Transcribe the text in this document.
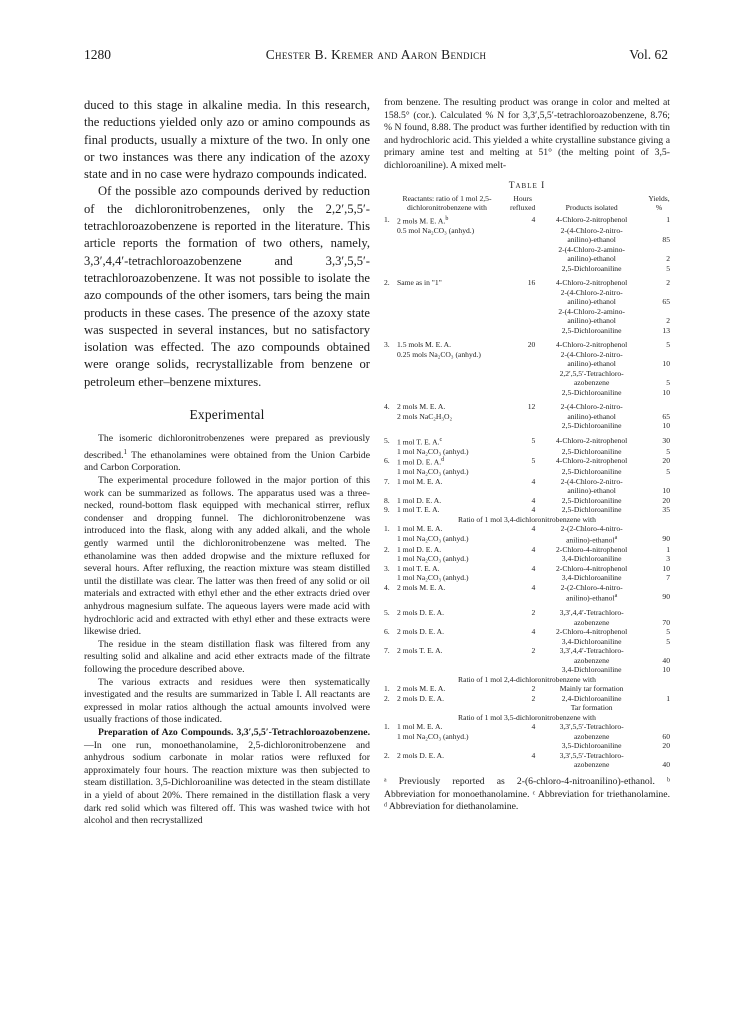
1280	Chester B. Kremer and Aaron Bendich	Vol. 62

duced to this stage in alkaline media. In this research, the reductions yielded only azo or amino compounds as final products, usually a mixture of the two. In only one or two instances was there any indication of the azoxy state and in no case were hydrazo compounds indicated.

Of the possible azo compounds derived by reduction of the dichloronitrobenzenes, only the 2,2′,5,5′-tetrachloroazobenzene is reported in the literature. This article reports the formation of two others, namely, 3,3′,4,4′-tetrachloroazobenzene and 3,3′,5,5′-tetrachloroazobenzene. It was not possible to isolate the azo compounds of the other isomers, tars being the main products in these cases. The presence of the azoxy state was suspected in several instances, but no satisfactory isolation was effected. The azo compounds obtained were orange solids, recrystallizable from benzene or petroleum ether–benzene mixtures.

Experimental

The isomeric dichloronitrobenzenes were prepared as previously described.$^1$ The ethanolamines were obtained from the Union Carbide and Carbon Corporation.

The experimental procedure followed in the major portion of this work can be summarized as follows. The apparatus used was a three-necked, round-bottom flask equipped with mechanical stirrer, reflux condenser and dropping funnel. The dichloronitrobenzene was introduced into the flask, along with any added alkali, and the whole gently warmed until the dichloronitrobenzene was melted. The ethanolamine was then added dropwise and the mixture refluxed for several hours. After refluxing, the reaction mixture was steam distilled until the distillate was clear. The latter was then freed of any solid or oil materials and extracted with ethyl ether and the ether extracts dried over anhydrous magnesium sulfate. The aqueous layers were made acid with hydrochloric acid and extracted with ethyl ether and these extracts were likewise dried.

The residue in the steam distillation flask was filtered from any resulting solid and alkaline and acid ether extracts made of the filtrate following the procedure described above.

The various extracts and residues were then systematically investigated and the results are summarized in Table I. All reactants are expressed in molar ratios although the actual amounts involved were usually fractions of those indicated.

Preparation of Azo Compounds. 3,3′,5,5′-Tetrachloroazobenzene.—In one run, monoethanolamine, 2,5-dichloronitrobenzene and anhydrous sodium carbonate in molar ratios were refluxed for approximately four hours. The reaction mixture was then subjected to steam distillation. 3,5-Dichloroaniline was detected in the steam distillate in a yield of about 20%. There remained in the distillation flask a very dark red solid which was filtered off. This was washed twice with hot alcohol and then recrystallized

from benzene. The resulting product was orange in color and melted at 158.5° (cor.). Calculated % N for 3,3′,5,5′-tetrachloroazobenzene, 8.76; % N found, 8.88. The product was further identified by reduction with tin and hydrochloric acid. This yielded a white crystalline substance giving a primary amine test and melting at 51° (the melting point of 3,5-dichloroaniline). A mixed melt-

Table I
Reactants: ratio of 1 mol 2,5-dichloronitrobenzene with		Hours refluxed	Products isolated	Yields, %
1.	2 mols M. E. A.$^b$	4	4-Chloro-2-nitrophenol	1
	0.5 mol Na₂CO₃ (anhyd.)		2-(4-Chloro-2-nitro-	
			anilino)-ethanol	85
			2-(4-Chloro-2-amino-	
			anilino)-ethanol	2
			2,5-Dichloroaniline	5
2.	Same as in "1"	16	4-Chloro-2-nitrophenol	2
			2-(4-Chloro-2-nitro-	
			anilino)-ethanol	65
			2-(4-Chloro-2-amino-	
			anilino)-ethanol	2
			2,5-Dichloroaniline	13
3.	1.5 mols M. E. A.	20	4-Chloro-2-nitrophenol	5
	0.25 mols Na₂CO₃ (anhyd.)		2-(4-Chloro-2-nitro-	
			anilino)-ethanol	10
			2,2′,5,5′-Tetrachloro-	
			azobenzene	5
			2,5-Dichloroaniline	10
4.	2 mols M. E. A.	12	2-(4-Chloro-2-nitro-	
	2 mols NaC₂H₃O₂		anilino)-ethanol	65
			2,5-Dichloroaniline	10
5.	1 mol T. E. A.$^c$	5	4-Chloro-2-nitrophenol	30
	1 mol Na₂CO₃ (anhyd.)		2,5-Dichloroaniline	5
6.	1 mol D. E. A.$^d$	5	4-Chloro-2-nitrophenol	20
	1 mol Na₂CO₃ (anhyd.)		2,5-Dichloroaniline	5
7.	1 mol M. E. A.	4	2-(4-Chloro-2-nitro-	
			anilino)-ethanol	10
8.	1 mol D. E. A.	4	2,5-Dichloroaniline	20
9.	1 mol T. E. A.	4	2,5-Dichloroaniline	35
Ratio of 1 mol 3,4-dichloronitrobenzene with				
1.	1 mol M. E. A.	4	2-(2-Chloro-4-nitro-	
	1 mol Na₂CO₃ (anhyd.)		anilino)-ethanol$^a$	90
2.	1 mol D. E. A.	4	2-Chloro-4-nitrophenol	1
	1 mol Na₂CO₃ (anhyd.)		3,4-Dichloroaniline	3
3.	1 mol T. E. A.	4	2-Chloro-4-nitrophenol	10
	1 mol Na₂CO₃ (anhyd.)		3,4-Dichloroaniline	7
4.	2 mols M. E. A.	4	2-(2-Chloro-4-nitro-	
			anilino)-ethanol$^a$	90
5.	2 mols D. E. A.	2	3,3′,4,4′-Tetrachloro-	
			azobenzene	70
6.	2 mols D. E. A.	4	2-Chloro-4-nitrophenol	5
			3,4-Dichloroaniline	5
7.	2 mols T. E. A.	2	3,3′,4,4′-Tetrachloro-	
			azobenzene	40
			3,4-Dichloroaniline	10
Ratio of 1 mol 2,4-dichloronitrobenzene with				
1.	2 mols M. E. A.	2	Mainly tar formation	
2.	2 mols D. E. A.	2	2,4-Dichloroaniline	1
			Tar formation	
Ratio of 1 mol 3,5-dichloronitrobenzene with				
1.	1 mol M. E. A.	4	3,3′,5,5′-Tetrachloro-	
	1 mol Na₂CO₃ (anhyd.)		azobenzene	60
			3,5-Dichloroaniline	20
2.	2 mols D. E. A.	4	3,3′,5,5′-Tetrachloro-	
			azobenzene	40
ᵃ Previously reported as 2-(6-chloro-4-nitroanilino)-ethanol. ᵇ Abbreviation for monoethanolamine. ᶜ Abbreviation for triethanolamine. ᵈ Abbreviation for diethanolamine.
